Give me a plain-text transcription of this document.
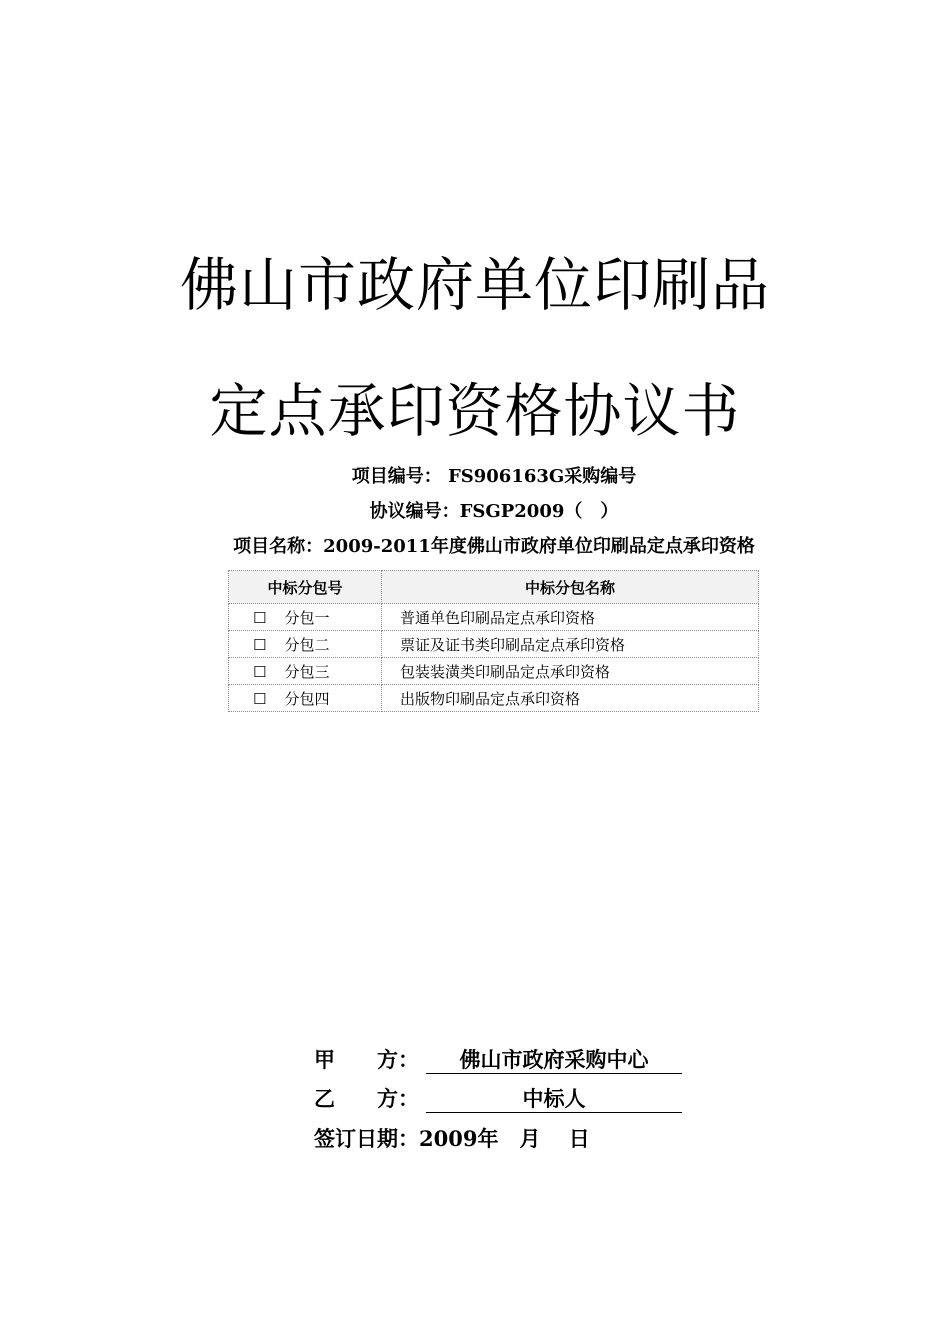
佛山市政府单位印刷品
定点承印资格协议书
项目编号： FS906163G采购编号
协议编号：FSGP2009（　）
项目名称：2009-2011年度佛山市政府单位印刷品定点承印资格
中标分包号	中标分包名称
☐ 分包一	普通单色印刷品定点承印资格
☐ 分包二	票证及证书类印刷品定点承印资格
☐ 分包三	包装装潢类印刷品定点承印资格
☐ 分包四	出版物印刷品定点承印资格
甲 方： 佛山市政府采购中心
乙 方：	中标人
签订日期：2009年　月　 日
